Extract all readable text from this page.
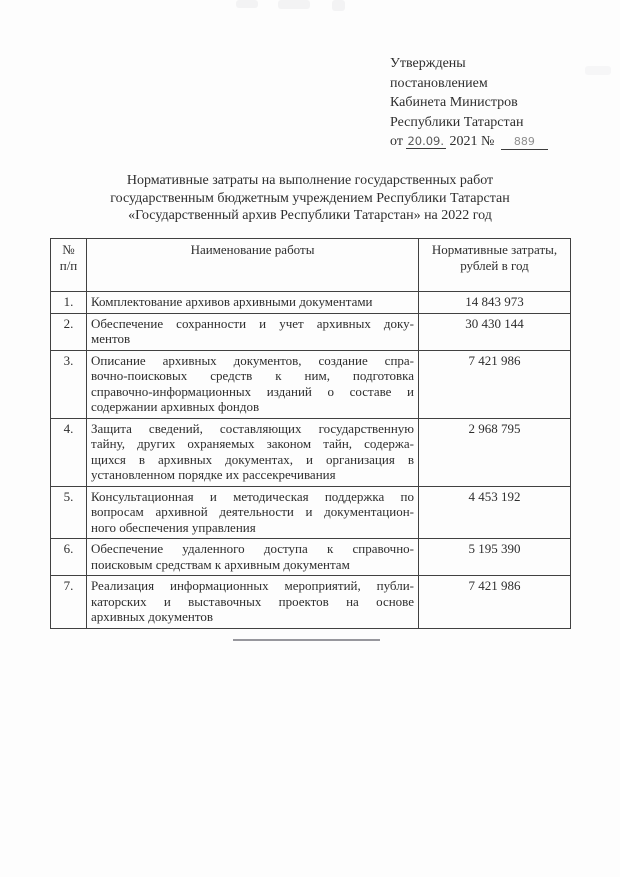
Утверждены
постановлением
Кабинета Министров
Республики Татарстан
от 20.09. 2021 № 889
Нормативные затраты на выполнение государственных работ
государственным бюджетным учреждением Республики Татарстан
«Государственный архив Республики Татарстан» на 2022 год
№
п/п
	Наименование работы	Нормативные затраты,
рублей в год

1.	Комплектование архивов архивными документами	14 843 973
2.	Обеспечение сохранности и учет архивных доку-
ментов	30 430 144
3.	Описание архивных документов, создание спра-
вочно-поисковых средств к ним, подготовка
справочно-информационных изданий о составе и
содержании архивных фондов	7 421 986
4.	Защита сведений, составляющих государственную
тайну, других охраняемых законом тайн, содержа-
щихся в архивных документах, и организация в
установленном порядке их рассекречивания	2 968 795
5.	Консультационная и методическая поддержка по
вопросам архивной деятельности и документацион-
ного обеспечения управления	4 453 192
6.	Обеспечение удаленного доступа к справочно-
поисковым средствам к архивным документам	5 195 390
7.	Реализация информационных мероприятий, публи-
каторских и выставочных проектов на основе
архивных документов	7 421 986
